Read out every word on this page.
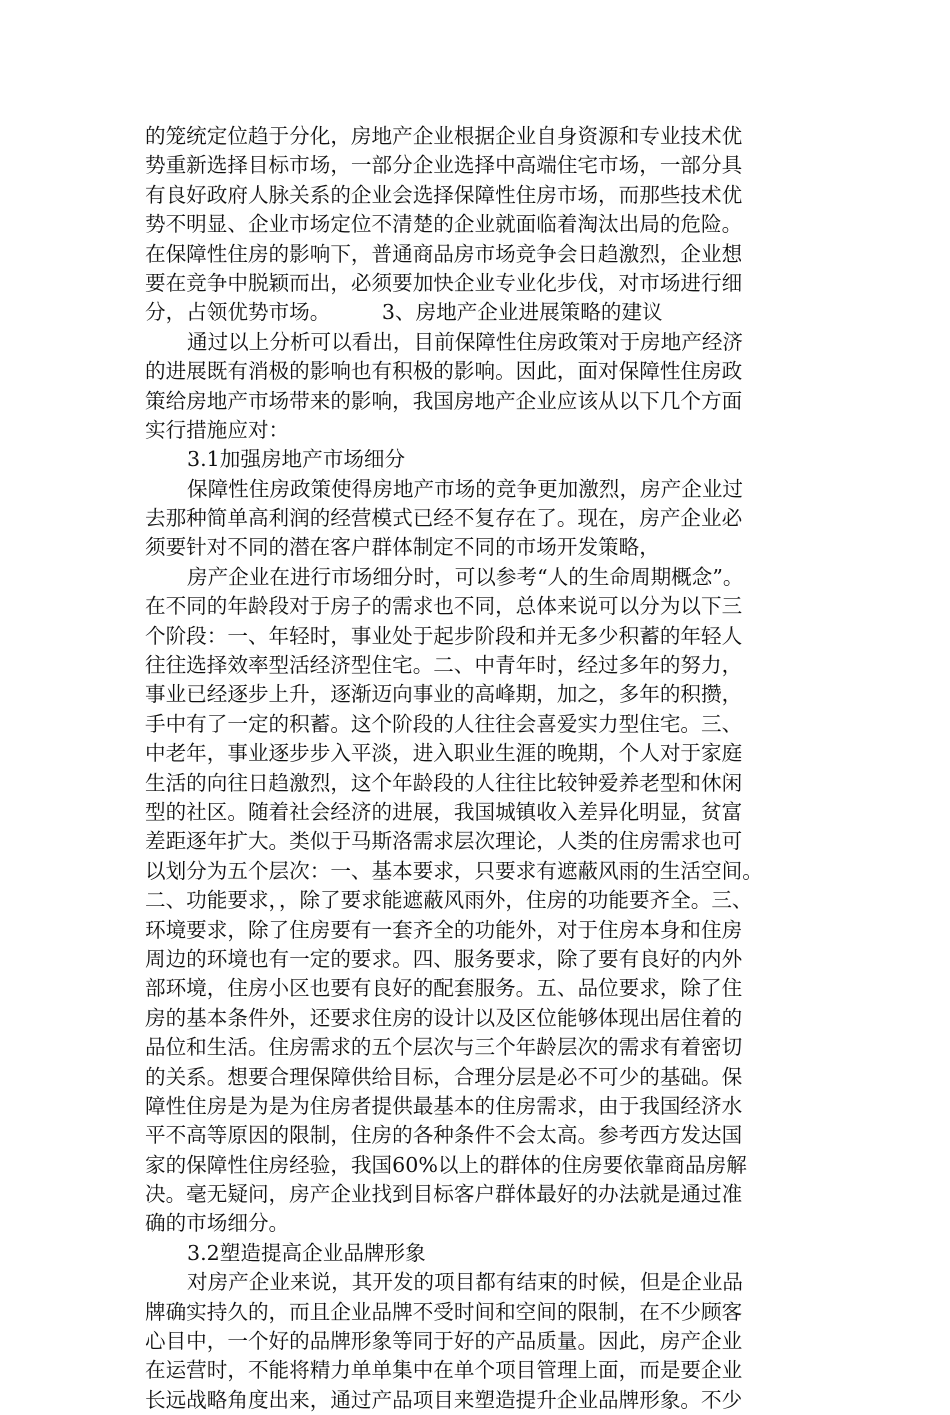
的笼统定位趋于分化，房地产企业根据企业自身资源和专业技术优
势重新选择目标市场，一部分企业选择中高端住宅市场，一部分具
有良好政府人脉关系的企业会选择保障性住房市场，而那些技术优
势不明显、企业市场定位不清楚的企业就面临着淘汰出局的危险。
在保障性住房的影响下，普通商品房市场竞争会日趋激烈，企业想
要在竞争中脱颖而出，必须要加快企业专业化步伐，对市场进行细
分，占领优势市场。　　　3、房地产企业进展策略的建议
通过以上分析可以看出，目前保障性住房政策对于房地产经济
的进展既有消极的影响也有积极的影响。因此，面对保障性住房政
策给房地产市场带来的影响，我国房地产企业应该从以下几个方面
实行措施应对：
3.1加强房地产市场细分
保障性住房政策使得房地产市场的竞争更加激烈，房产企业过
去那种简单高利润的经营模式已经不复存在了。现在，房产企业必
须要针对不同的潜在客户群体制定不同的市场开发策略，
房产企业在进行市场细分时，可以参考“人的生命周期概念”。
在不同的年龄段对于房子的需求也不同，总体来说可以分为以下三
个阶段：一、年轻时，事业处于起步阶段和并无多少积蓄的年轻人
往往选择效率型活经济型住宅。二、中青年时，经过多年的努力，
事业已经逐步上升，逐渐迈向事业的高峰期，加之，多年的积攒，
手中有了一定的积蓄。这个阶段的人往往会喜爱实力型住宅。三、
中老年，事业逐步步入平淡，进入职业生涯的晚期，个人对于家庭
生活的向往日趋激烈，这个年龄段的人往往比较钟爱养老型和休闲
型的社区。随着社会经济的进展，我国城镇收入差异化明显，贫富
差距逐年扩大。类似于马斯洛需求层次理论，人类的住房需求也可
以划分为五个层次：一、基本要求，只要求有遮蔽风雨的生活空间。
二、功能要求，，除了要求能遮蔽风雨外，住房的功能要齐全。三、
环境要求，除了住房要有一套齐全的功能外，对于住房本身和住房
周边的环境也有一定的要求。四、服务要求，除了要有良好的内外
部环境，住房小区也要有良好的配套服务。五、品位要求，除了住
房的基本条件外，还要求住房的设计以及区位能够体现出居住着的
品位和生活。住房需求的五个层次与三个年龄层次的需求有着密切
的关系。想要合理保障供给目标，合理分层是必不可少的基础。保
障性住房是为是为住房者提供最基本的住房需求，由于我国经济水
平不高等原因的限制，住房的各种条件不会太高。参考西方发达国
家的保障性住房经验，我国60%以上的群体的住房要依靠商品房解
决。毫无疑问，房产企业找到目标客户群体最好的办法就是通过准
确的市场细分。
3.2塑造提高企业品牌形象
对房产企业来说，其开发的项目都有结束的时候，但是企业品
牌确实持久的，而且企业品牌不受时间和空间的限制，在不少顾客
心目中，一个好的品牌形象等同于好的产品质量。因此，房产企业
在运营时，不能将精力单单集中在单个项目管理上面，而是要企业
长远战略角度出来，通过产品项目来塑造提升企业品牌形象。不少
